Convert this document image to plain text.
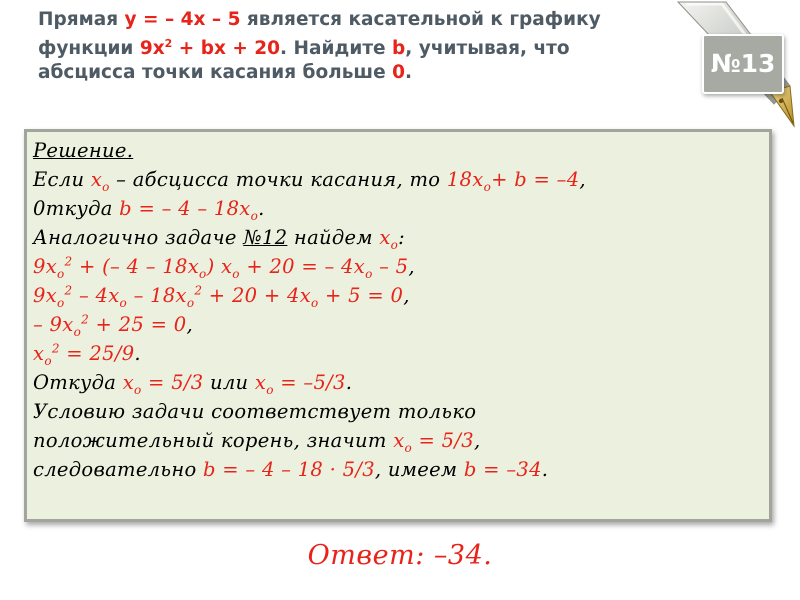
Прямая y = – 4x – 5 является касательной к графику
функции $9x^2$ + bx + 20. Найдите b, учитывая, что
абсцисса точки касания больше 0.	№13
Решение.
Если $x_o$ – абсцисса точки касания, то $18x_o+ b = -4$,
0ткуда b = – $4 - 18x_o$.
Аналогично задаче №12 найдем $x_o$:
$9x_o^2$ + (– $4 - 18x_o$) $x_o + 20$ = – $4x_o - 5$,
$9x_o^2 - 4x_o - 18x_o^2 + 20 + 4x_o + 5 = 0$,
– $9x_o^2 + 25 = 0$,
$x_o^2 = 25/9$.
Откуда $x_o = 5/3$ или $x_o = -5/3$.
Условию задачи соответствует только
положительный корень, значит $x_o = 5/3$,
следовательно b = – 4 – 18 · 5/3, имеем b = –34.
Ответ: –34.
